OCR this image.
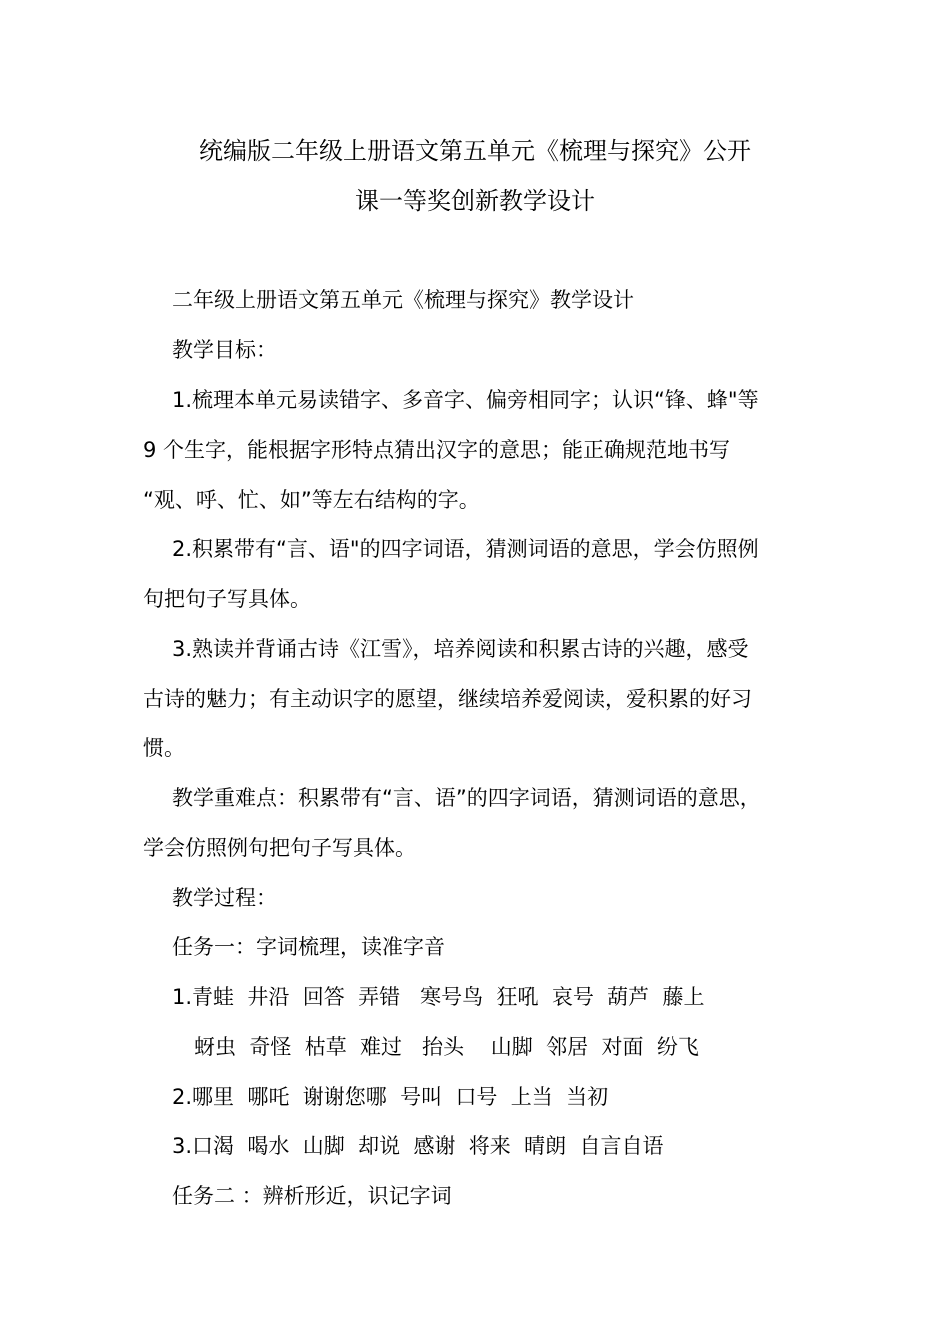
统编版二年级上册语文第五单元《梳理与探究》公开
课一等奖创新教学设计
二年级上册语文第五单元《梳理与探究》教学设计
教学目标：
1.梳理本单元易读错字、多音字、偏旁相同字；认识“锋、蜂"等
9 个生字，能根据字形特点猜出汉字的意思；能正确规范地书写
“观、呼、忙、如”等左右结构的字。
2.积累带有“言、语"的四字词语，猜测词语的意思，学会仿照例
句把句子写具体。
3.熟读并背诵古诗《江雪》，培养阅读和积累古诗的兴趣，感受
古诗的魅力；有主动识字的愿望，继续培养爱阅读，爱积累的好习
惯。
教学重难点：积累带有“言、语”的四字词语，猜测词语的意思，
学会仿照例句把句子写具体。
教学过程：
任务一：字词梳理，读准字音
1.青蛙  井沿  回答  弄错   寒号鸟  狂吼  哀号  葫芦  藤上
蚜虫  奇怪  枯草  难过   抬头    山脚  邻居  对面  纷飞
2.哪里  哪吒  谢谢您哪  号叫  口号  上当  当初
3.口渴  喝水  山脚  却说  感谢  将来  晴朗  自言自语
任务二 ：辨析形近，识记字词
